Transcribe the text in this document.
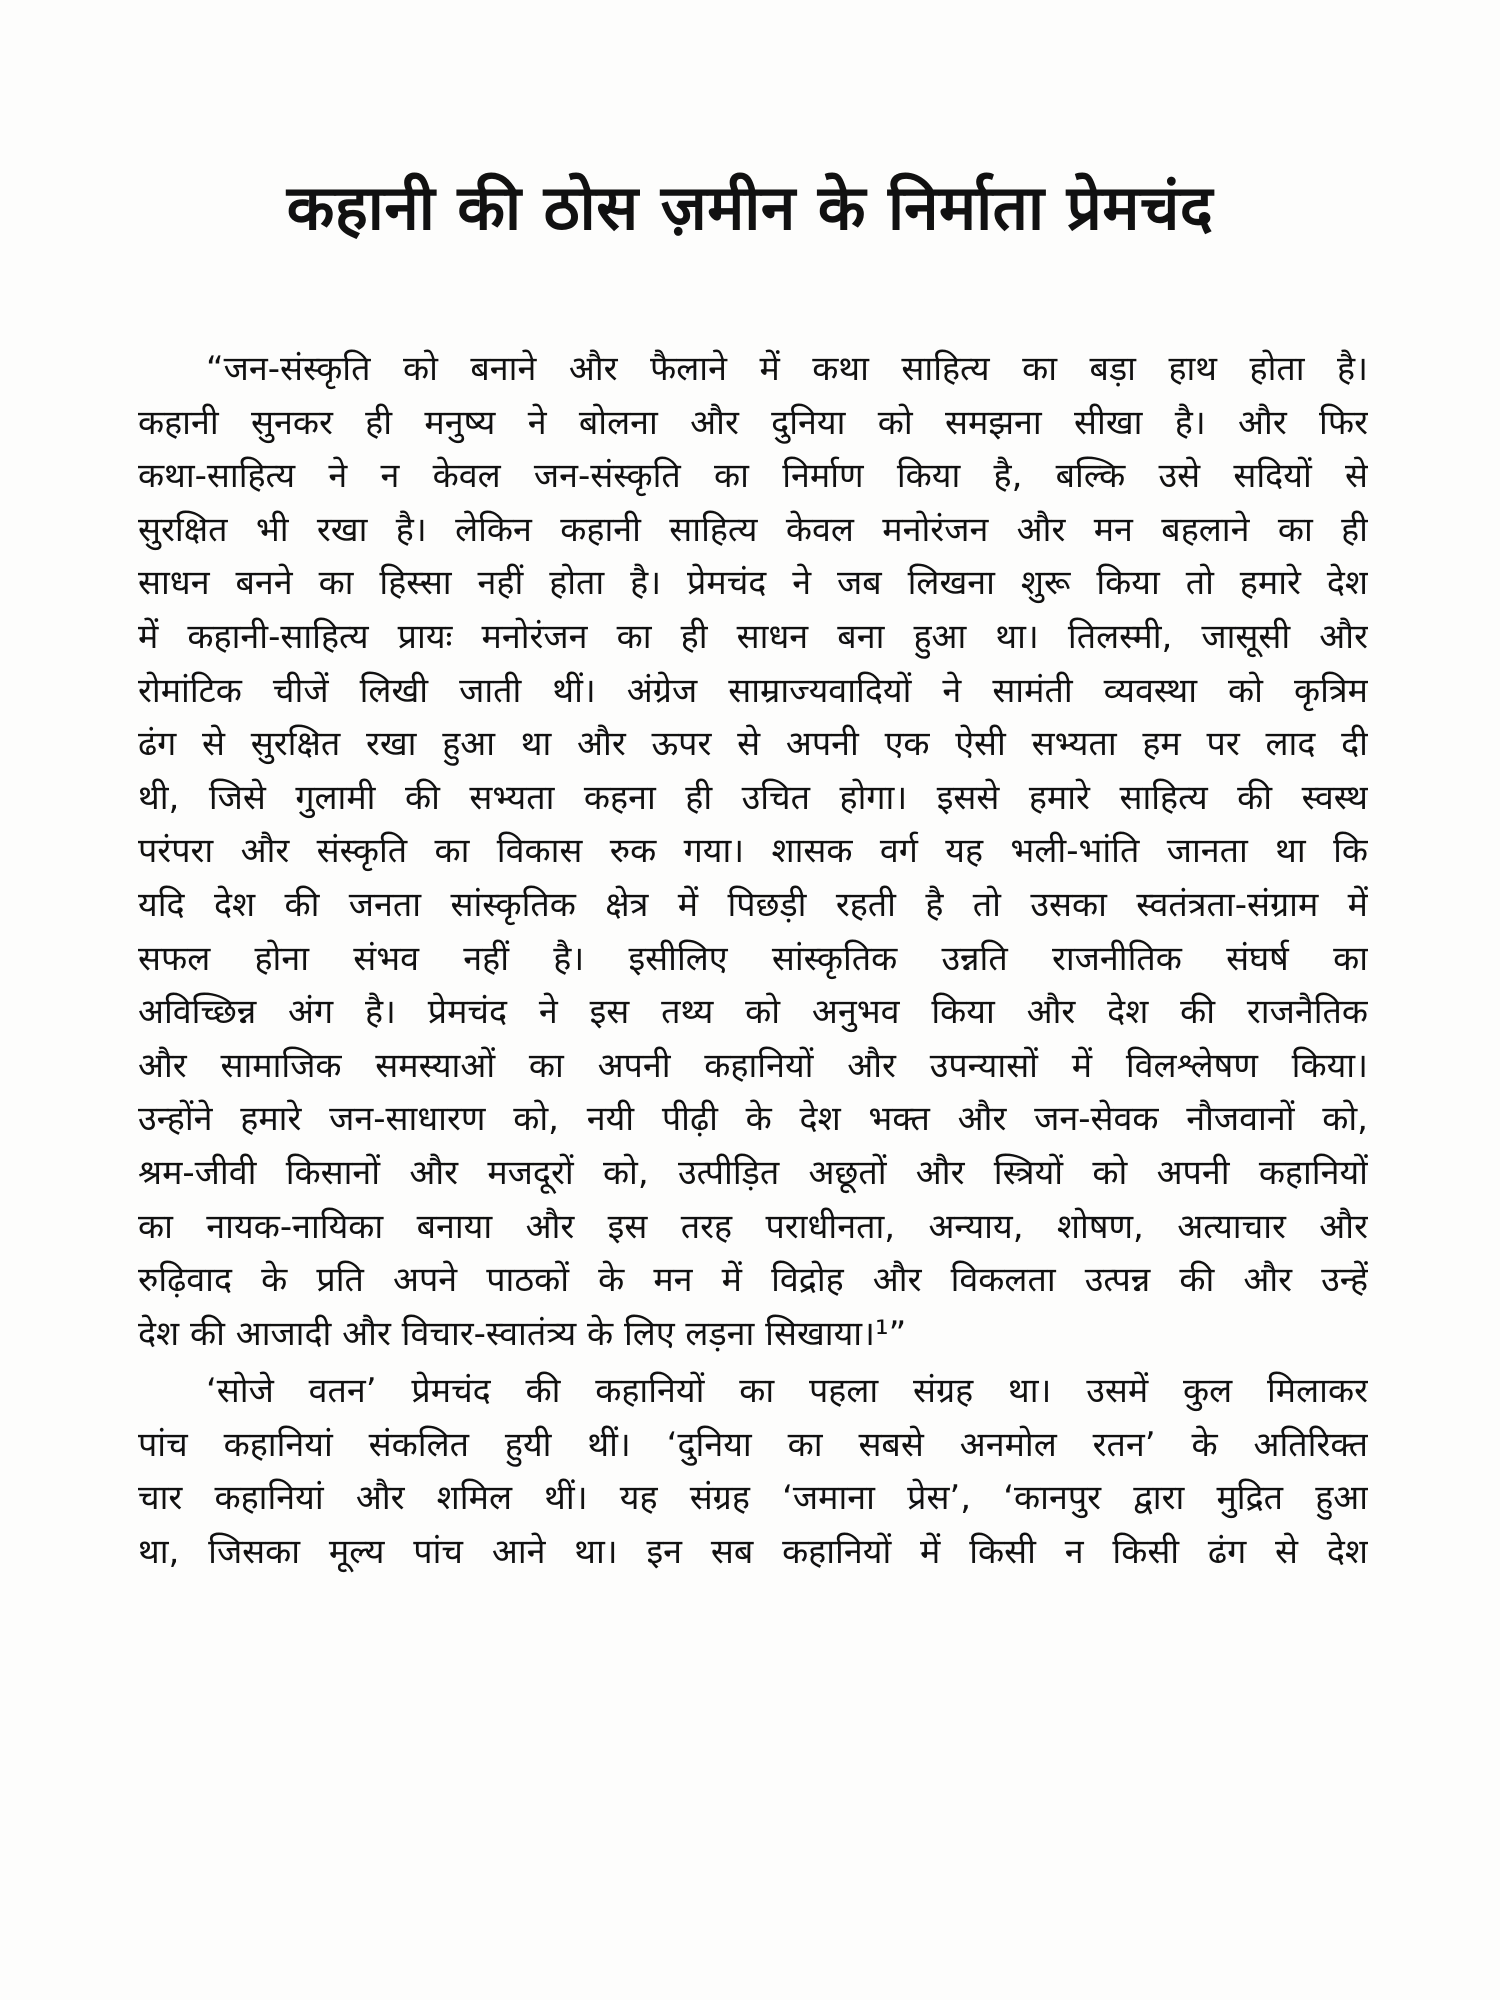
कहानी की ठोस ज़मीन के निर्माता प्रेमचंद
“जन-संस्कृति को बनाने और फैलाने में कथा साहित्य का बड़ा हाथ होता है।
कहानी सुनकर ही मनुष्य ने बोलना और दुनिया को समझना सीखा है। और फिर
कथा-साहित्य ने न केवल जन-संस्कृति का निर्माण किया है, बल्कि उसे सदियों से
सुरक्षित भी रखा है। लेकिन कहानी साहित्य केवल मनोरंजन और मन बहलाने का ही
साधन बनने का हिस्सा नहीं होता है। प्रेमचंद ने जब लिखना शुरू किया तो हमारे देश
में कहानी-साहित्य प्रायः मनोरंजन का ही साधन बना हुआ था। तिलस्मी, जासूसी और
रोमांटिक चीजें लिखी जाती थीं। अंग्रेज साम्राज्यवादियों ने सामंती व्यवस्था को कृत्रिम
ढंग से सुरक्षित रखा हुआ था और ऊपर से अपनी एक ऐसी सभ्यता हम पर लाद दी
थी, जिसे गुलामी की सभ्यता कहना ही उचित होगा। इससे हमारे साहित्य की स्वस्थ
परंपरा और संस्कृति का विकास रुक गया। शासक वर्ग यह भली-भांति जानता था कि
यदि देश की जनता सांस्कृतिक क्षेत्र में पिछड़ी रहती है तो उसका स्वतंत्रता-संग्राम में
सफल होना संभव नहीं है। इसीलिए सांस्कृतिक उन्नति राजनीतिक संघर्ष का
अविच्छिन्न अंग है। प्रेमचंद ने इस तथ्य को अनुभव किया और देश की राजनैतिक
और सामाजिक समस्याओं का अपनी कहानियों और उपन्यासों में विलश्लेषण किया।
उन्होंने हमारे जन-साधारण को, नयी पीढ़ी के देश भक्त और जन-सेवक नौजवानों को,
श्रम-जीवी किसानों और मजदूरों को, उत्पीड़ित अछूतों और स्त्रियों को अपनी कहानियों
का नायक-नायिका बनाया और इस तरह पराधीनता, अन्याय, शोषण, अत्याचार और
रुढ़िवाद के प्रति अपने पाठकों के मन में विद्रोह और विकलता उत्पन्न की और उन्हें
देश की आजादी और विचार-स्वातंत्र्य के लिए लड़ना सिखाया।¹”
‘सोजे वतन’ प्रेमचंद की कहानियों का पहला संग्रह था। उसमें कुल मिलाकर
पांच कहानियां संकलित हुयी थीं। ‘दुनिया का सबसे अनमोल रतन’ के अतिरिक्त
चार कहानियां और शमिल थीं। यह संग्रह ‘जमाना प्रेस’, ‘कानपुर द्वारा मुद्रित हुआ
था, जिसका मूल्य पांच आने था। इन सब कहानियों में किसी न किसी ढंग से देश
